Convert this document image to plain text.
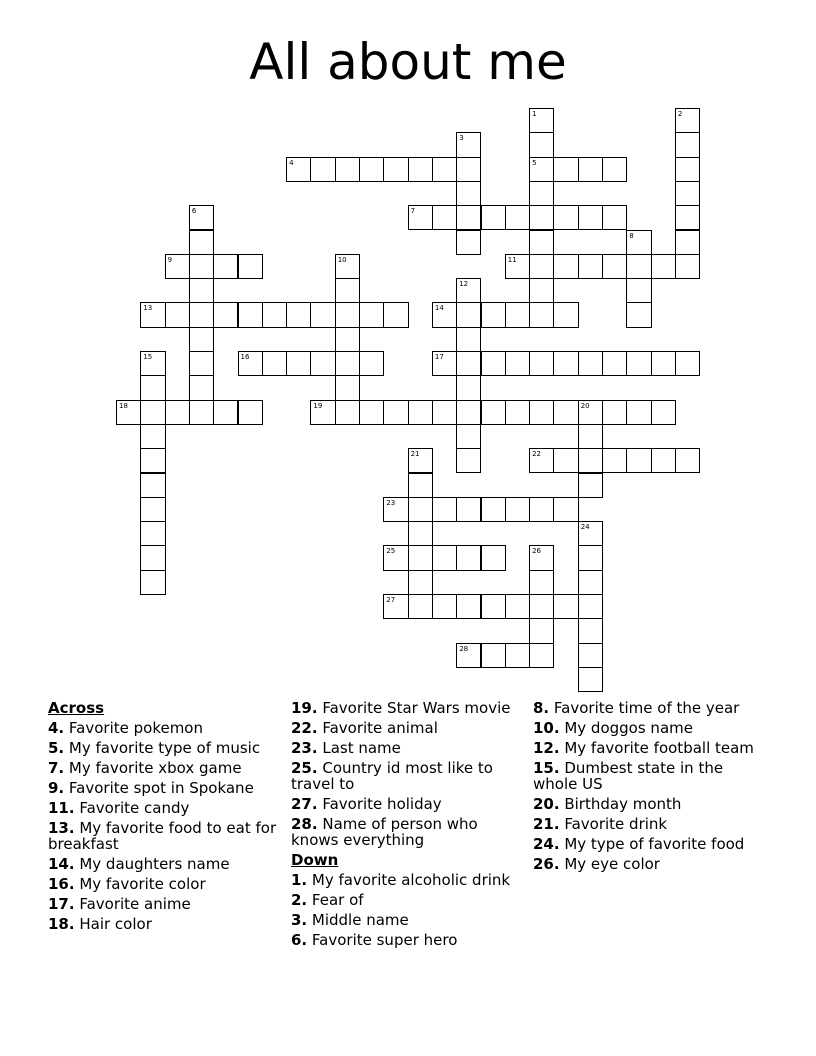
All about me
1	2
3
4	5
6	7
8
9	10	11
12
13	14
15	16	17
18	19	20
21	22
23
24
25	26
27
28
Across
4. Favorite pokemon
5. My favorite type of music
7. My favorite xbox game
9. Favorite spot in Spokane
11. Favorite candy
13. My favorite food to eat for breakfast
14. My daughters name
16. My favorite color
17. Favorite anime
18. Hair color
19. Favorite Star Wars movie
22. Favorite animal
23. Last name
25. Country id most like to travel to
27. Favorite holiday
28. Name of person who knows everything
Down
1. My favorite alcoholic drink
2. Fear of
3. Middle name
6. Favorite super hero
8. Favorite time of the year
10. My doggos name
12. My favorite football team
15. Dumbest state in the whole US
20. Birthday month
21. Favorite drink
24. My type of favorite food
26. My eye color
